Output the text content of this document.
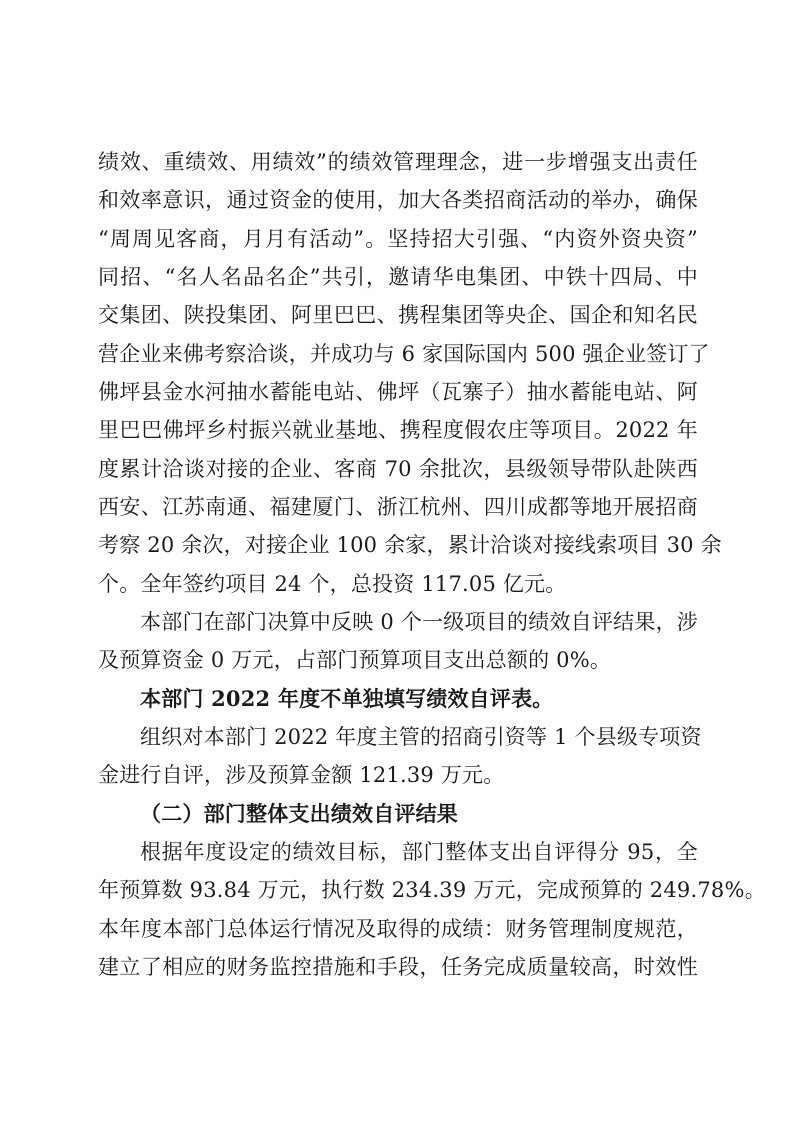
绩效、重绩效、用绩效”的绩效管理理念，进一步增强支出责任
和效率意识，通过资金的使用，加大各类招商活动的举办，确保
“周周见客商，月月有活动”。坚持招大引强、“内资外资央资”
同招、“名人名品名企”共引，邀请华电集团、中铁十四局、中
交集团、陕投集团、阿里巴巴、携程集团等央企、国企和知名民
营企业来佛考察洽谈，并成功与 6 家国际国内 500 强企业签订了
佛坪县金水河抽水蓄能电站、佛坪（瓦寨子）抽水蓄能电站、阿
里巴巴佛坪乡村振兴就业基地、携程度假农庄等项目。2022 年
度累计洽谈对接的企业、客商 70 余批次，县级领导带队赴陕西
西安、江苏南通、福建厦门、浙江杭州、四川成都等地开展招商
考察 20 余次，对接企业 100 余家，累计洽谈对接线索项目 30 余
个。全年签约项目 24 个，总投资 117.05 亿元。
本部门在部门决算中反映 0 个一级项目的绩效自评结果，涉
及预算资金 0 万元，占部门预算项目支出总额的 0%。
本部门 2022 年度不单独填写绩效自评表。
组织对本部门 2022 年度主管的招商引资等 1 个县级专项资
金进行自评，涉及预算金额 121.39 万元。
（二）部门整体支出绩效自评结果
根据年度设定的绩效目标，部门整体支出自评得分 95，全
年预算数 93.84 万元，执行数 234.39 万元，完成预算的 249.78%。
本年度本部门总体运行情况及取得的成绩：财务管理制度规范，
建立了相应的财务监控措施和手段，任务完成质量较高，时效性
